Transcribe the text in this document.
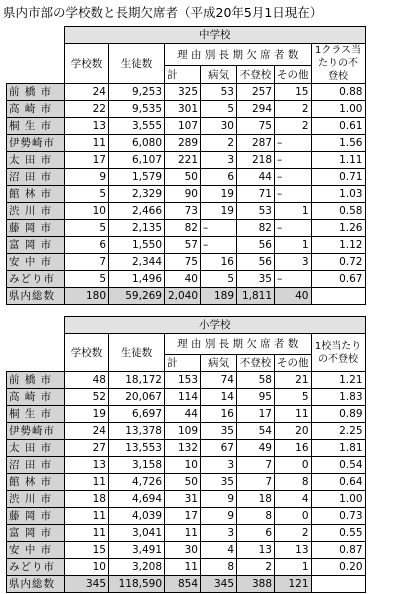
県内市部の学校数と長期欠席者（平成20年5月1日現在）
	中学校						
	学校数	生徒数	理 由 別 長 期 欠 席 者 数				1クラス当たりの不登校
			計	病気	不登校	その他	
前 橋 市	24	9,253	325	53	257	15	0.88
高 崎 市	22	9,535	301	5	294	2	1.00
桐 生 市	13	3,555	107	30	75	2	0.61
伊勢崎市	11	6,080	289	2	287	–	1.56
太 田 市	17	6,107	221	3	218	–	1.11
沼 田 市	9	1,579	50	6	44	–	0.71
館 林 市	5	2,329	90	19	71	–	1.03
渋 川 市	10	2,466	73	19	53	1	0.58
藤 岡 市	5	2,135	82	–	82	–	1.26
富 岡 市	6	1,550	57	–	56	1	1.12
安 中 市	7	2,344	75	16	56	3	0.72
みどり市	5	1,496	40	5	35	–	0.67
県内総数	180	59,269	2,040	189	1,811	40	
	小学校						
	学校数	生徒数	理 由 別 長 期 欠 席 者 数				1校当たりの不登校
			計	病気	不登校	その他	
前 橋 市	48	18,172	153	74	58	21	1.21
高 崎 市	52	20,067	114	14	95	5	1.83
桐 生 市	19	6,697	44	16	17	11	0.89
伊勢崎市	24	13,378	109	35	54	20	2.25
太 田 市	27	13,553	132	67	49	16	1.81
沼 田 市	13	3,158	10	3	7	0	0.54
館 林 市	11	4,726	50	35	7	8	0.64
渋 川 市	18	4,694	31	9	18	4	1.00
藤 岡 市	11	4,039	17	9	8	0	0.73
富 岡 市	11	3,041	11	3	6	2	0.55
安 中 市	15	3,491	30	4	13	13	0.87
みどり市	10	3,208	11	8	2	1	0.20
県内総数	345	118,590	854	345	388	121	
